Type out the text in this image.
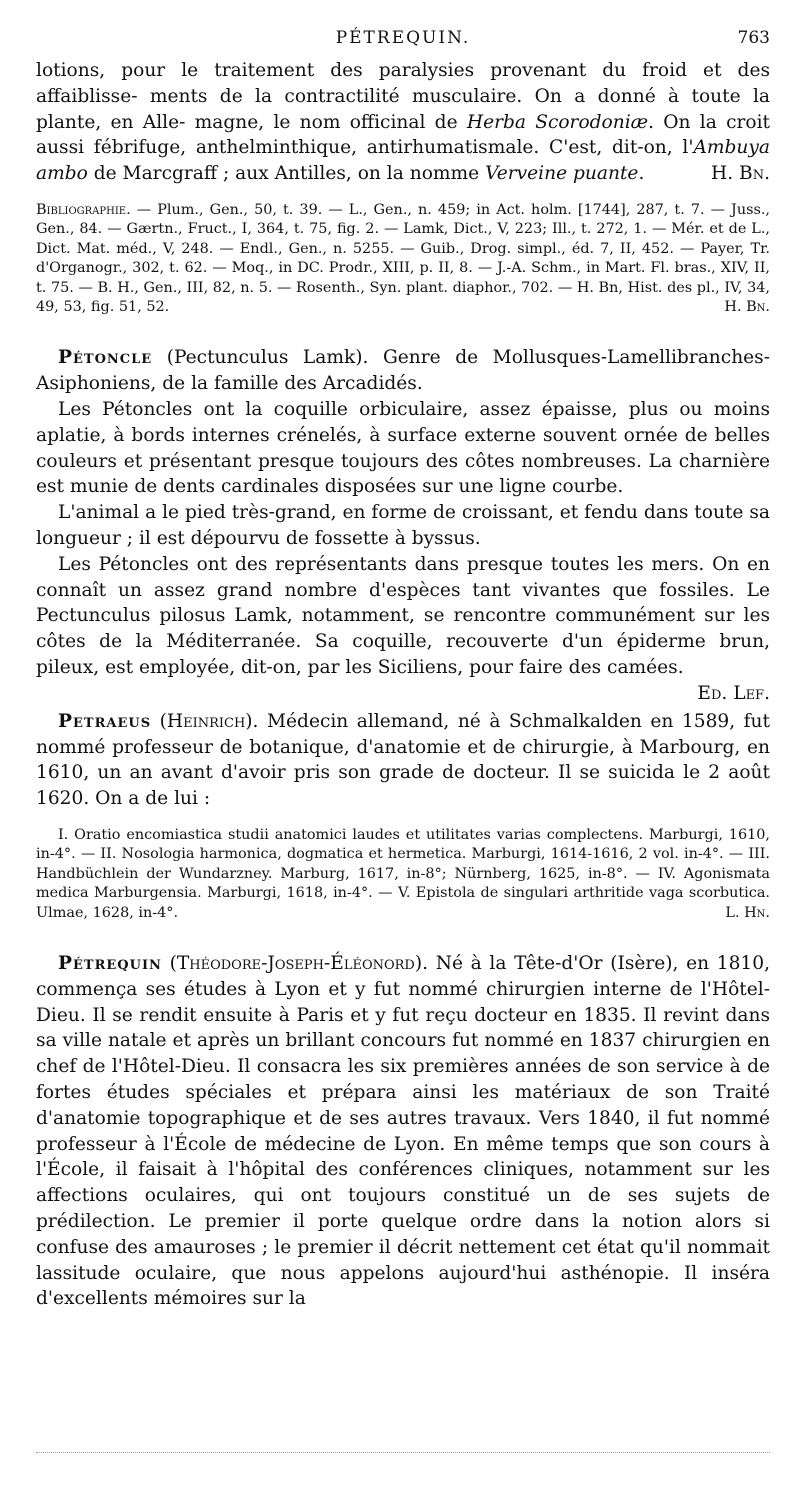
PÉTREQUIN.	763

lotions, pour le traitement des paralysies provenant du froid et des affaiblisse- ments de la contractilité musculaire. On a donné à toute la plante, en Alle- magne, le nom officinal de Herba Scorodoniæ. On la croit aussi fébrifuge, anthelminthique, antirhumatismale. C'est, dit-on, l'Ambuya ambo de Marcgraff ; aux Antilles, on la nomme Verveine puante.	H. Bn.

Bibliographie. — Plum., Gen., 50, t. 39. — L., Gen., n. 459; in Act. holm. [1744], 287, t. 7. — Juss., Gen., 84. — Gærtn., Fruct., I, 364, t. 75, fig. 2. — Lamk, Dict., V, 223; Ill., t. 272, 1. — Mér. et de L., Dict. Mat. méd., V, 248. — Endl., Gen., n. 5255. — Guib., Drog. simpl., éd. 7, II, 452. — Payer, Tr. d'Organogr., 302, t. 62. — Moq., in DC. Prodr., XIII, p. II, 8. — J.-A. Schm., in Mart. Fl. bras., XIV, II, t. 75. — B. H., Gen., III, 82, n. 5. — Rosenth., Syn. plant. diaphor., 702. — H. Bn, Hist. des pl., IV, 34, 49, 53, fig. 51, 52.	H. Bn.

Pétoncle (Pectunculus Lamk). Genre de Mollusques-Lamellibranches-Asiphoniens, de la famille des Arcadidés.

Les Pétoncles ont la coquille orbiculaire, assez épaisse, plus ou moins aplatie, à bords internes crénelés, à surface externe souvent ornée de belles couleurs et présentant presque toujours des côtes nombreuses. La charnière est munie de dents cardinales disposées sur une ligne courbe.

L'animal a le pied très-grand, en forme de croissant, et fendu dans toute sa longueur ; il est dépourvu de fossette à byssus.

Les Pétoncles ont des représentants dans presque toutes les mers. On en connaît un assez grand nombre d'espèces tant vivantes que fossiles. Le Pectunculus pilosus Lamk, notamment, se rencontre communément sur les côtes de la Méditerranée. Sa coquille, recouverte d'un épiderme brun, pileux, est employée, dit-on, par les Siciliens, pour faire des camées.
Ed. Lef.

Petraeus (Heinrich). Médecin allemand, né à Schmalkalden en 1589, fut nommé professeur de botanique, d'anatomie et de chirurgie, à Marbourg, en 1610, un an avant d'avoir pris son grade de docteur. Il se suicida le 2 août 1620. On a de lui :

I. Oratio encomiastica studii anatomici laudes et utilitates varias complectens. Marburgi, 1610, in-4°. — II. Nosologia harmonica, dogmatica et hermetica. Marburgi, 1614-1616, 2 vol. in-4°. — III. Handbüchlein der Wundarzney. Marburg, 1617, in-8°; Nürnberg, 1625, in-8°. — IV. Agonismata medica Marburgensia. Marburgi, 1618, in-4°. — V. Epistola de singulari arthritide vaga scorbutica. Ulmae, 1628, in-4°.	L. Hn.

Pétrequin (Théodore-Joseph-Éléonord). Né à la Tête-d'Or (Isère), en 1810, commença ses études à Lyon et y fut nommé chirurgien interne de l'Hôtel-Dieu. Il se rendit ensuite à Paris et y fut reçu docteur en 1835. Il revint dans sa ville natale et après un brillant concours fut nommé en 1837 chirurgien en chef de l'Hôtel-Dieu. Il consacra les six premières années de son service à de fortes études spéciales et prépara ainsi les matériaux de son Traité d'anatomie topographique et de ses autres travaux. Vers 1840, il fut nommé professeur à l'École de médecine de Lyon. En même temps que son cours à l'École, il faisait à l'hôpital des conférences cliniques, notamment sur les affections oculaires, qui ont toujours constitué un de ses sujets de prédilection. Le premier il porte quelque ordre dans la notion alors si confuse des amauroses ; le premier il décrit nettement cet état qu'il nommait lassitude oculaire, que nous appelons aujourd'hui asthénopie. Il inséra d'excellents mémoires sur la
